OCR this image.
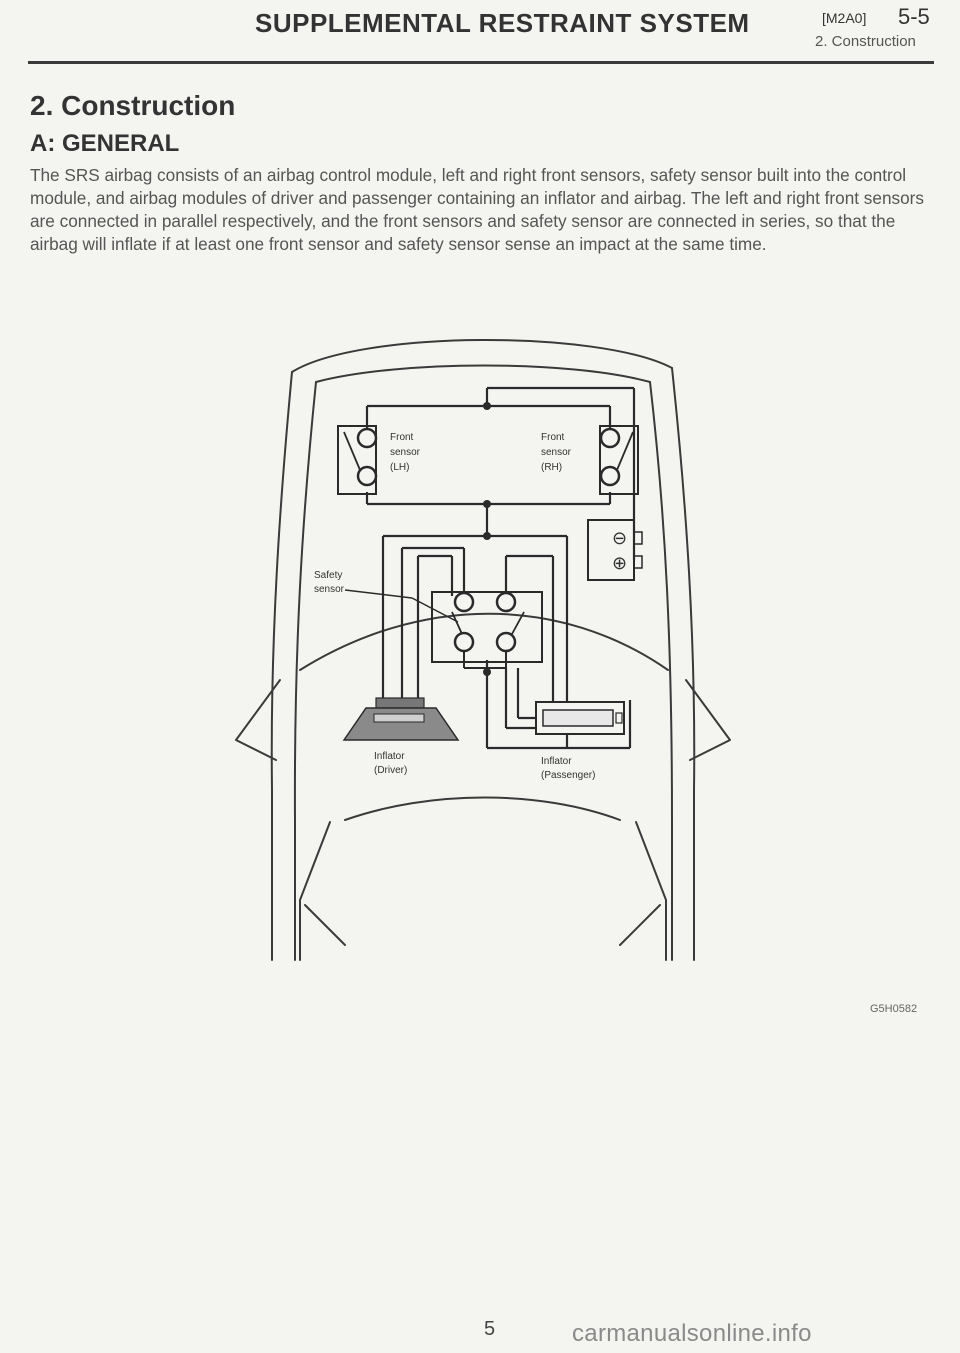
SUPPLEMENTAL RESTRAINT SYSTEM	[M2A0] 5-5
2. Construction
2. Construction
A: GENERAL

The SRS airbag consists of an airbag control module, left and right front sensors, safety sensor built into the control module, and airbag modules of driver and passenger containing an inflator and airbag. The left and right front sensors are connected in parallel respectively, and the front sensors and safety sensor are connected in series, so that the airbag will inflate if at least one front sensor and safety sensor sense an impact at the same time.

⊖
⊕
Front
sensor
(LH)
Front
sensor
(RH)
Safety
sensor
Inflator
(Driver)
Inflator
(Passenger)
G5H0582
5	carmanualsonline.info
